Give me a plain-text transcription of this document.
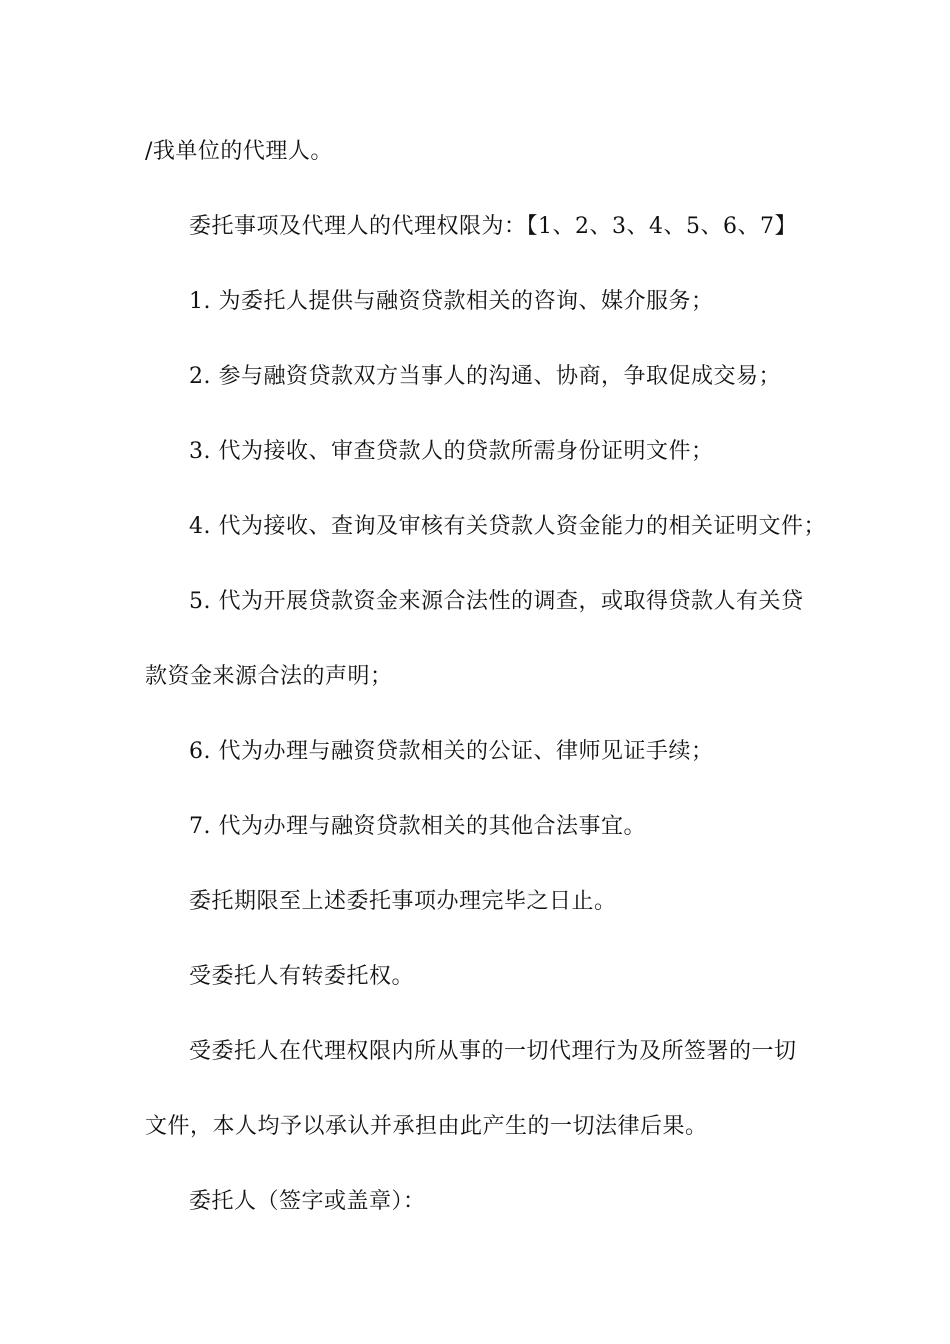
/我单位的代理人。
委托事项及代理人的代理权限为：【1、2、3、4、5、6、7】
1. 为委托人提供与融资贷款相关的咨询、媒介服务；
2. 参与融资贷款双方当事人的沟通、协商，争取促成交易；
3. 代为接收、审查贷款人的贷款所需身份证明文件；
4. 代为接收、查询及审核有关贷款人资金能力的相关证明文件；
5. 代为开展贷款资金来源合法性的调查，或取得贷款人有关贷
款资金来源合法的声明；
6. 代为办理与融资贷款相关的公证、律师见证手续；
7. 代为办理与融资贷款相关的其他合法事宜。
委托期限至上述委托事项办理完毕之日止。
受委托人有转委托权。
受委托人在代理权限内所从事的一切代理行为及所签署的一切
文件，本人均予以承认并承担由此产生的一切法律后果。
委托人（签字或盖章）：
